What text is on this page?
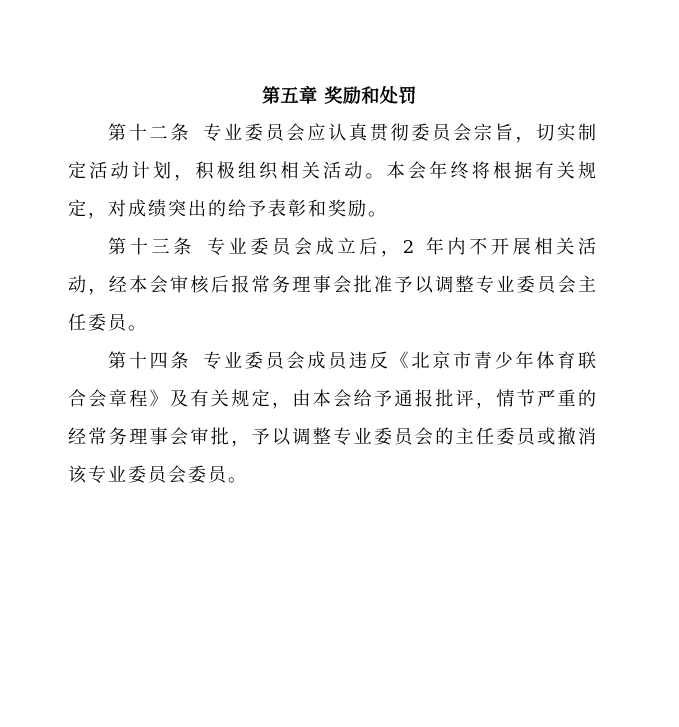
第五章 奖励和处罚

第十二条 专业委员会应认真贯彻委员会宗旨，切实制定活动计划，积极组织相关活动。本会年终将根据有关规定，对成绩突出的给予表彰和奖励。

第十三条 专业委员会成立后，2 年内不开展相关活动，经本会审核后报常务理事会批准予以调整专业委员会主任委员。

第十四条 专业委员会成员违反《北京市青少年体育联合会章程》及有关规定，由本会给予通报批评，情节严重的经常务理事会审批，予以调整专业委员会的主任委员或撤消该专业委员会委员。
